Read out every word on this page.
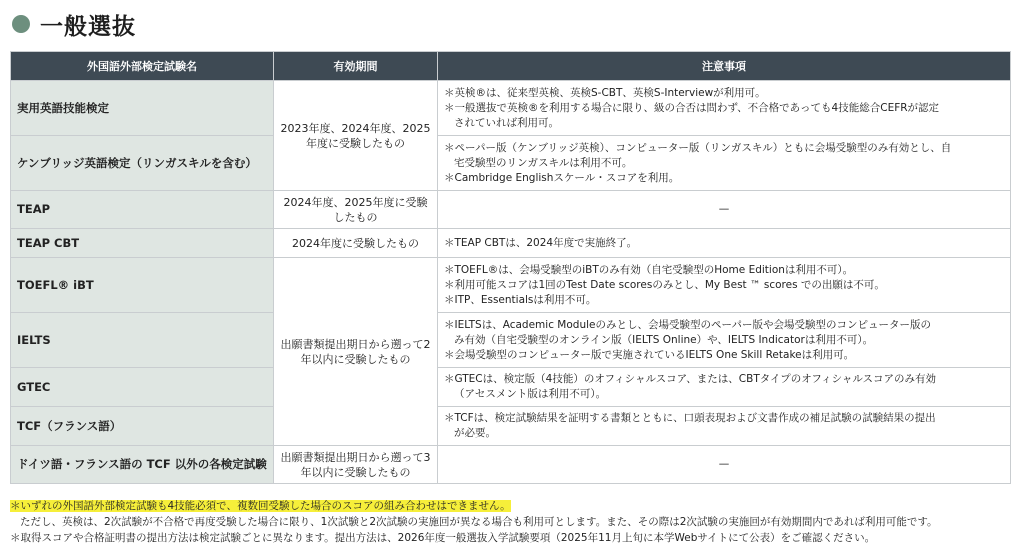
一般選抜
外国語外部検定試験名	有効期間	注意事項
実用英語技能検定	2023年度、2024年度、2025年度に受験したもの	＊英検®は、従来型英検、英検S-CBT、英検S-Interviewが利用可。
＊一般選抜で英検®を利用する場合に限り、級の合否は問わず、不合格であっても4技能総合CEFRが認定
されていれば利用可。

ケンブリッジ英語検定（リンガスキルを含む）		＊ペーパー版（ケンブリッジ英検）、コンピューター版（リンガスキル）ともに会場受験型のみ有効とし、自
宅受験型のリンガスキルは利用不可。
＊Cambridge Englishスケール・スコアを利用。

TEAP	2024年度、2025年度に受験したもの	—
TEAP CBT	2024年度に受験したもの	＊TEAP CBTは、2024年度で実施終了。

TOEFL® iBT	出願書類提出期日から遡って2年以内に受験したもの	＊TOEFL®は、会場受験型のiBTのみ有効（自宅受験型のHome Editionは利用不可）。
＊利用可能スコアは1回のTest Date scoresのみとし、My Best ™ scores での出願は不可。
＊ITP、Essentialsは利用不可。

IELTS		＊IELTSは、Academic Moduleのみとし、会場受験型のペーパー版や会場受験型のコンピューター版の
み有効（自宅受験型のオンライン版（IELTS Online）や、IELTS Indicatorは利用不可）。
＊会場受験型のコンピューター版で実施されているIELTS One Skill Retakeは利用可。

GTEC		＊GTECは、検定版（4技能）のオフィシャルスコア、または、CBTタイプのオフィシャルスコアのみ有効
（アセスメント版は利用不可）。

TCF（フランス語）		＊TCFは、検定試験結果を証明する書類とともに、口頭表現および文書作成の補足試験の試験結果の提出
が必要。

ドイツ語・フランス語の TCF 以外の各検定試験	出願書類提出期日から遡って3年以内に受験したもの	—
＊いずれの外国語外部検定試験も4技能必須で、複数回受験した場合のスコアの組み合わせはできません。
ただし、英検は、2次試験が不合格で再度受験した場合に限り、1次試験と2次試験の実施回が異なる場合も利用可とします。また、その際は2次試験の実施回が有効期間内であれば利用可能です。
＊取得スコアや合格証明書の提出方法は検定試験ごとに異なります。提出方法は、2026年度一般選抜入学試験要項（2025年11月上旬に本学Webサイトにて公表）をご確認ください。
